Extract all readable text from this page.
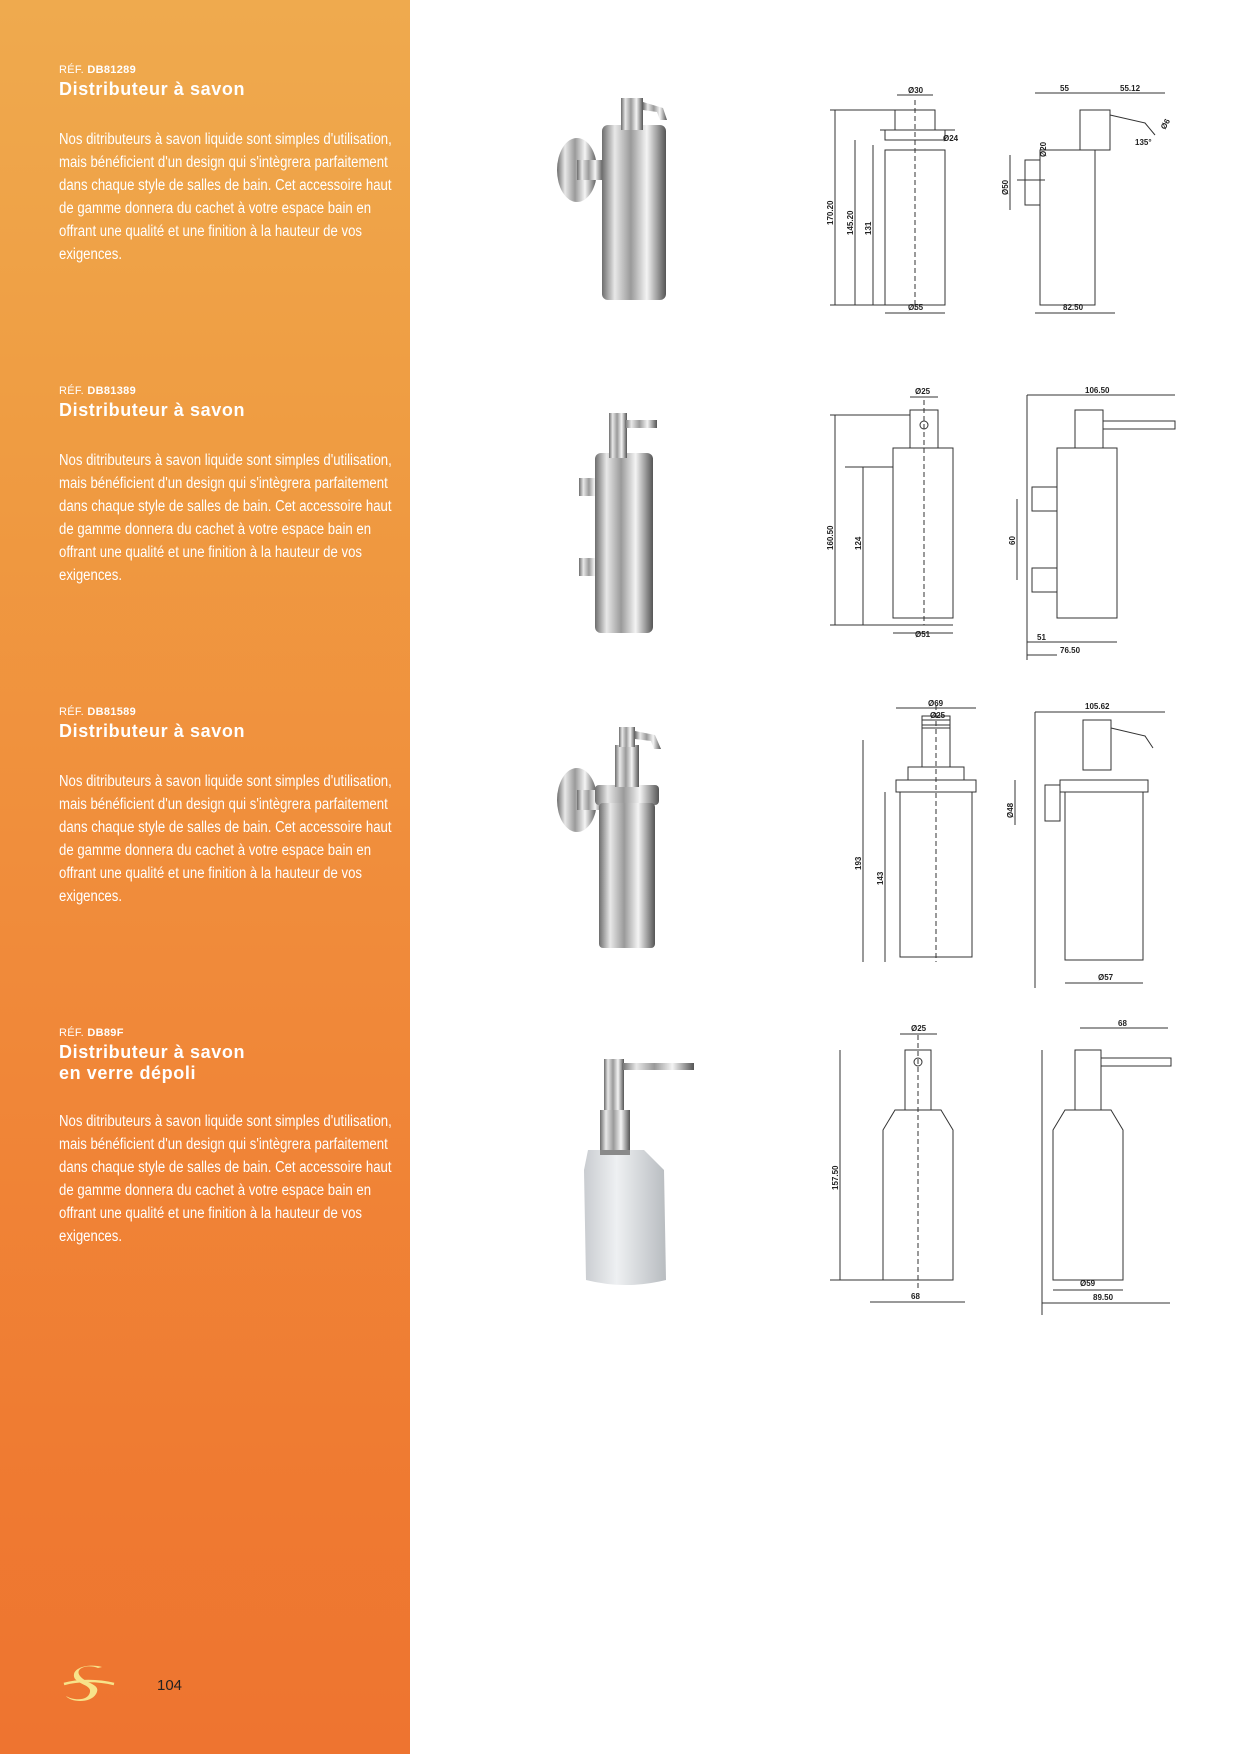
RÉF. DB81289
Distributeur à savon
Nos ditributeurs à savon liquide sont simples d'utilisation, mais bénéficient d'un design qui s'intègrera parfaitement dans chaque style de salles de bain. Cet accessoire haut de gamme donnera du cachet à votre espace bain en offrant une qualité et une finition à la hauteur de vos exigences.
RÉF. DB81389
Distributeur à savon
Nos ditributeurs à savon liquide sont simples d'utilisation, mais bénéficient d'un design qui s'intègrera parfaitement dans chaque style de salles de bain. Cet accessoire haut de gamme donnera du cachet à votre espace bain en offrant une qualité et une finition à la hauteur de vos exigences.
RÉF. DB81589
Distributeur à savon
Nos ditributeurs à savon liquide sont simples d'utilisation, mais bénéficient d'un design qui s'intègrera parfaitement dans chaque style de salles de bain. Cet accessoire haut de gamme donnera du cachet à votre espace bain en offrant une qualité et une finition à la hauteur de vos exigences.
RÉF. DB89F
Distributeur à savon
en verre dépoli
Nos ditributeurs à savon liquide sont simples d'utilisation, mais bénéficient d'un design qui s'intègrera parfaitement dans chaque style de salles de bain. Cet accessoire haut de gamme donnera du cachet à votre espace bain en offrant une qualité et une finition à la hauteur de vos exigences.
104
Ø30
Ø24
170.20 145.20 131
Ø55
55	55.12
Ø6
135°
Ø20
Ø50
82.50
Ø25
160.50 124
Ø51
106.50
60
51
76.50
Ø69
Ø25
193
143
105.62
Ø48
Ø57
Ø25
157.50
68
68
Ø59
89.50
